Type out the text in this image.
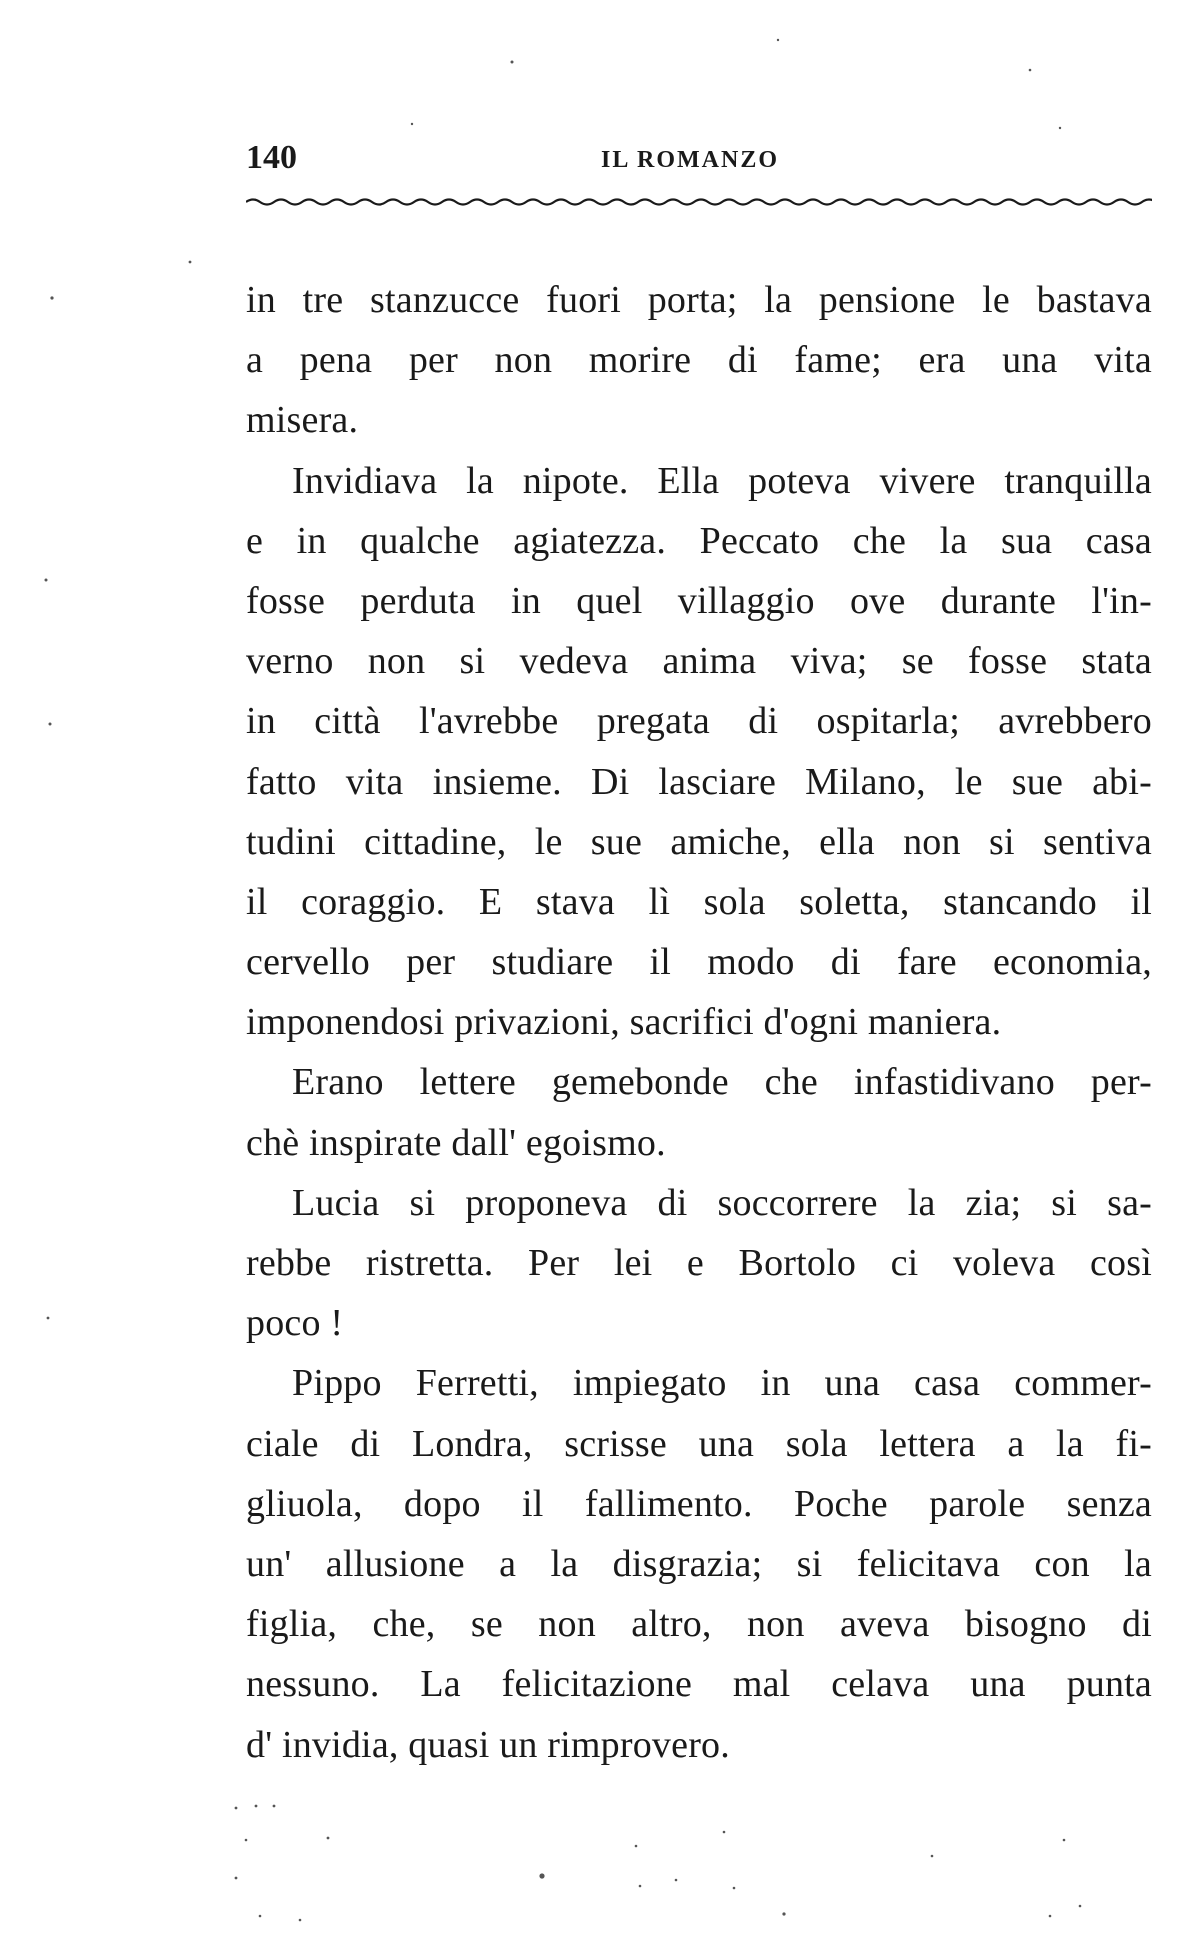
140	IL ROMANZO
in tre stanzucce fuori porta; la pensione le bastava
a pena per non morire di fame; era una vita
misera.
Invidiava la nipote. Ella poteva vivere tranquilla
e in qualche agiatezza. Peccato che la sua casa
fosse perduta in quel villaggio ove durante l'in-
verno non si vedeva anima viva; se fosse stata
in città l'avrebbe pregata di ospitarla; avrebbero
fatto vita insieme. Di lasciare Milano, le sue abi-
tudini cittadine, le sue amiche, ella non si sentiva
il coraggio. E stava lì sola soletta, stancando il
cervello per studiare il modo di fare economia,
imponendosi privazioni, sacrifici d'ogni maniera.
Erano lettere gemebonde che infastidivano per-
chè inspirate dall' egoismo.
Lucia si proponeva di soccorrere la zia; si sa-
rebbe ristretta. Per lei e Bortolo ci voleva così
poco !
Pippo Ferretti, impiegato in una casa commer-
ciale di Londra, scrisse una sola lettera a la fi-
gliuola, dopo il fallimento. Poche parole senza
un' allusione a la disgrazia; si felicitava con la
figlia, che, se non altro, non aveva bisogno di
nessuno. La felicitazione mal celava una punta
d' invidia, quasi un rimprovero.
